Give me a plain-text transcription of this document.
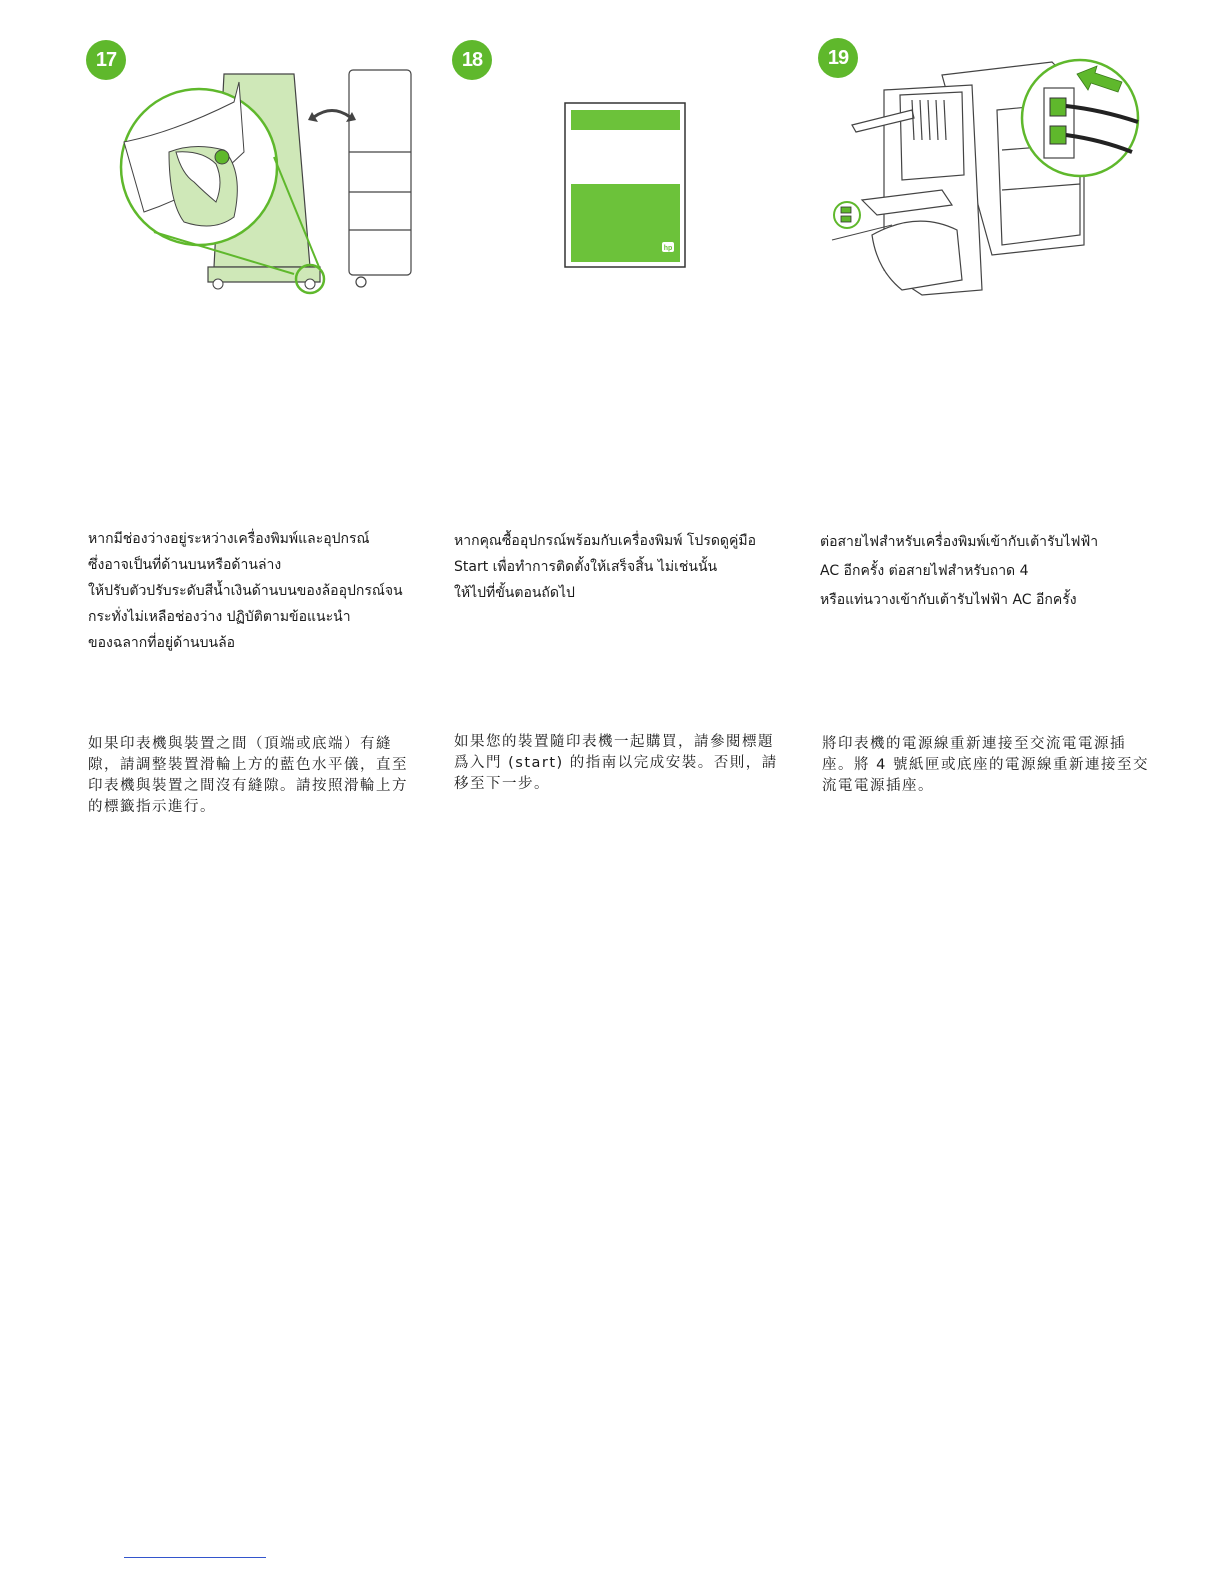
17
หากมีช่องว่างอยู่ระหว่างเครื่องพิมพ์และอุปกรณ์
ซึ่งอาจเป็นที่ด้านบนหรือด้านล่าง
ให้ปรับตัวปรับระดับสีน้ำเงินด้านบนของล้ออุปกรณ์จน
กระทั่งไม่เหลือช่องว่าง ปฏิบัติตามข้อแนะนำ
ของฉลากที่อยู่ด้านบนล้อ
如果印表機與裝置之間（頂端或底端）有縫
隙，請調整裝置滑輪上方的藍色水平儀，直至
印表機與裝置之間沒有縫隙。請按照滑輪上方
的標籤指示進行。
18
hp
หากคุณซื้ออุปกรณ์พร้อมกับเครื่องพิมพ์ โปรดดูคู่มือ
Start เพื่อทำการติดตั้งให้เสร็จสิ้น ไม่เช่นนั้น
ให้ไปที่ขั้นตอนถัดไป
如果您的裝置隨印表機一起購買，請參閱標題
爲入門 (start) 的指南以完成安裝。否則，請
移至下一步。
19
ต่อสายไฟสำหรับเครื่องพิมพ์เข้ากับเต้ารับไฟฟ้า
AC อีกครั้ง ต่อสายไฟสำหรับถาด 4
หรือแท่นวางเข้ากับเต้ารับไฟฟ้า AC อีกครั้ง
將印表機的電源線重新連接至交流電電源插
座。將 4 號紙匣或底座的電源線重新連接至交
流電電源插座。
